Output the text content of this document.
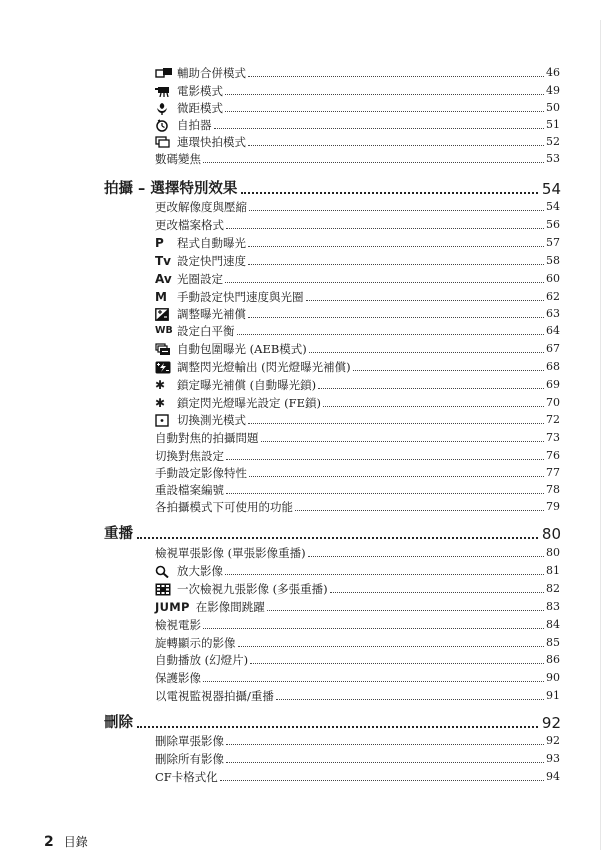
輔助合併模式	46
電影模式	49
微距模式	50
自拍器	51
連環快拍模式	52
數碼變焦	53
拍攝 – 選擇特別效果	54
更改解像度與壓縮	54
更改檔案格式	56
P	程式自動曝光	57
Tv 設定快門速度	58
Av 光圈設定	60
M 手動設定快門速度與光圈	62
調整曝光補償	63
WB 設定白平衡	64
自動包圍曝光 (AEB模式)	67
調整閃光燈輸出 (閃光燈曝光補償)	68
✱	鎖定曝光補償 (自動曝光鎖)	69
✱	鎖定閃光燈曝光設定 (FE鎖)	70
切換測光模式	72
自動對焦的拍攝問題	73
切換對焦設定	76
手動設定影像特性	77
重設檔案編號	78
各拍攝模式下可使用的功能	79
重播	80
檢視單張影像 (單張影像重播)	80
放大影像	81
一次檢視九張影像 (多張重播)	82
JUMP 在影像間跳躍	83
檢視電影	84
旋轉顯示的影像	85
自動播放 (幻燈片)	86
保護影像	90
以電視監視器拍攝/重播	91
刪除	92
刪除單張影像	92
刪除所有影像	93
CF卡格式化	94
2 目錄
